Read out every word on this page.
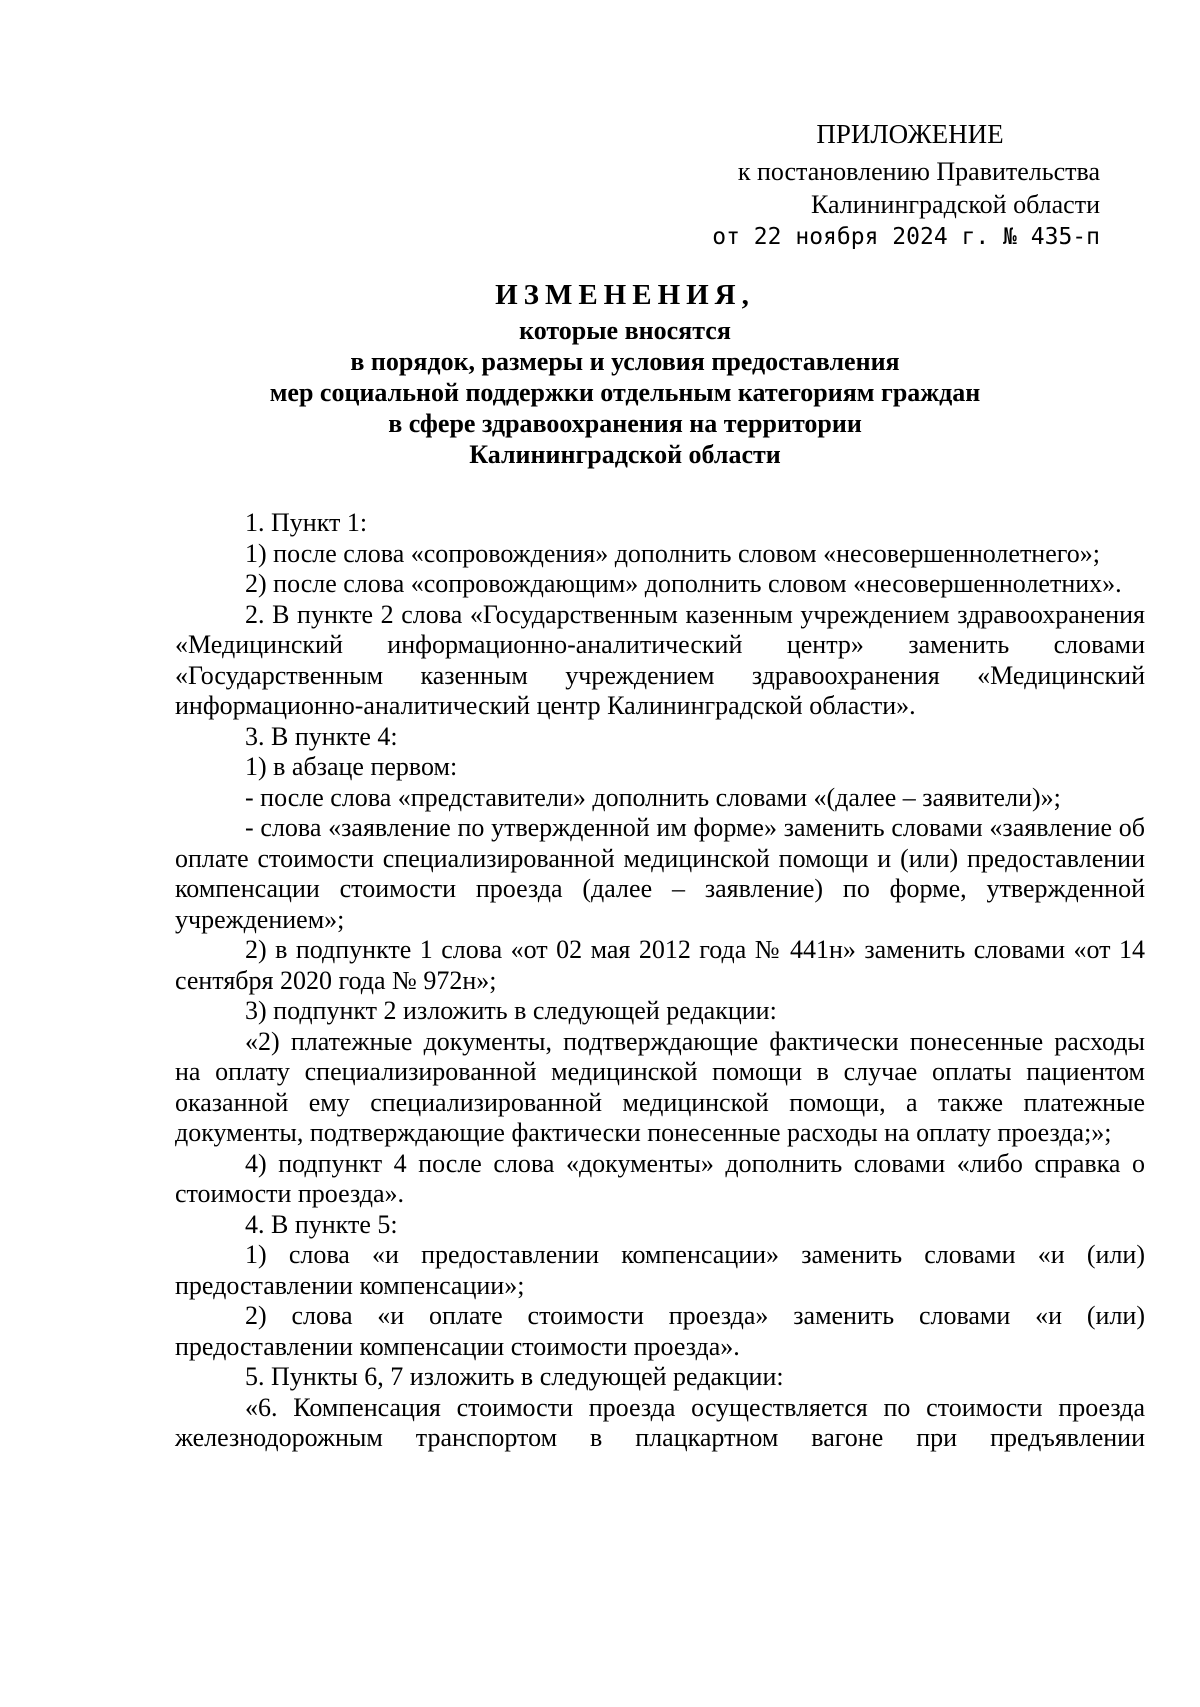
ПРИЛОЖЕНИЕ
к постановлению Правительства
Калининградской области
от 22 ноября 2024 г. № 435-п
ИЗМЕНЕНИЯ,
которые вносятся
в порядок, размеры и условия предоставления
мер социальной поддержки отдельным категориям граждан
в сфере здравоохранения на территории
Калининградской области

1. Пункт 1:

1) после слова «сопровождения» дополнить словом «несовершеннолетнего»;

2) после слова «сопровождающим» дополнить словом «несовершеннолетних».

2. В пункте 2 слова «Государственным казенным учреждением здравоохранения «Медицинский информационно-аналитический центр» заменить словами «Государственным казенным учреждением здравоохранения «Медицинский информационно-аналитический центр Калининградской области».

3. В пункте 4:

1) в абзаце первом:

- после слова «представители» дополнить словами «(далее – заявители)»;

- слова «заявление по утвержденной им форме» заменить словами «заявление об оплате стоимости специализированной медицинской помощи и (или) предоставлении компенсации стоимости проезда (далее – заявление) по форме, утвержденной учреждением»;

2) в подпункте 1 слова «от 02 мая 2012 года № 441н» заменить словами «от 14 сентября 2020 года № 972н»;

3) подпункт 2 изложить в следующей редакции:

«2) платежные документы, подтверждающие фактически понесенные расходы на оплату специализированной медицинской помощи в случае оплаты пациентом оказанной ему специализированной медицинской помощи, а также платежные документы, подтверждающие фактически понесенные расходы на оплату проезда;»;

4) подпункт 4 после слова «документы» дополнить словами «либо справка о стоимости проезда».

4. В пункте 5:

1) слова «и предоставлении компенсации» заменить словами «и (или) предоставлении компенсации»;

2) слова «и оплате стоимости проезда» заменить словами «и (или) предоставлении компенсации стоимости проезда».

5. Пункты 6, 7 изложить в следующей редакции:

«6. Компенсация стоимости проезда осуществляется по стоимости проезда железнодорожным транспортом в плацкартном вагоне при предъявлении
